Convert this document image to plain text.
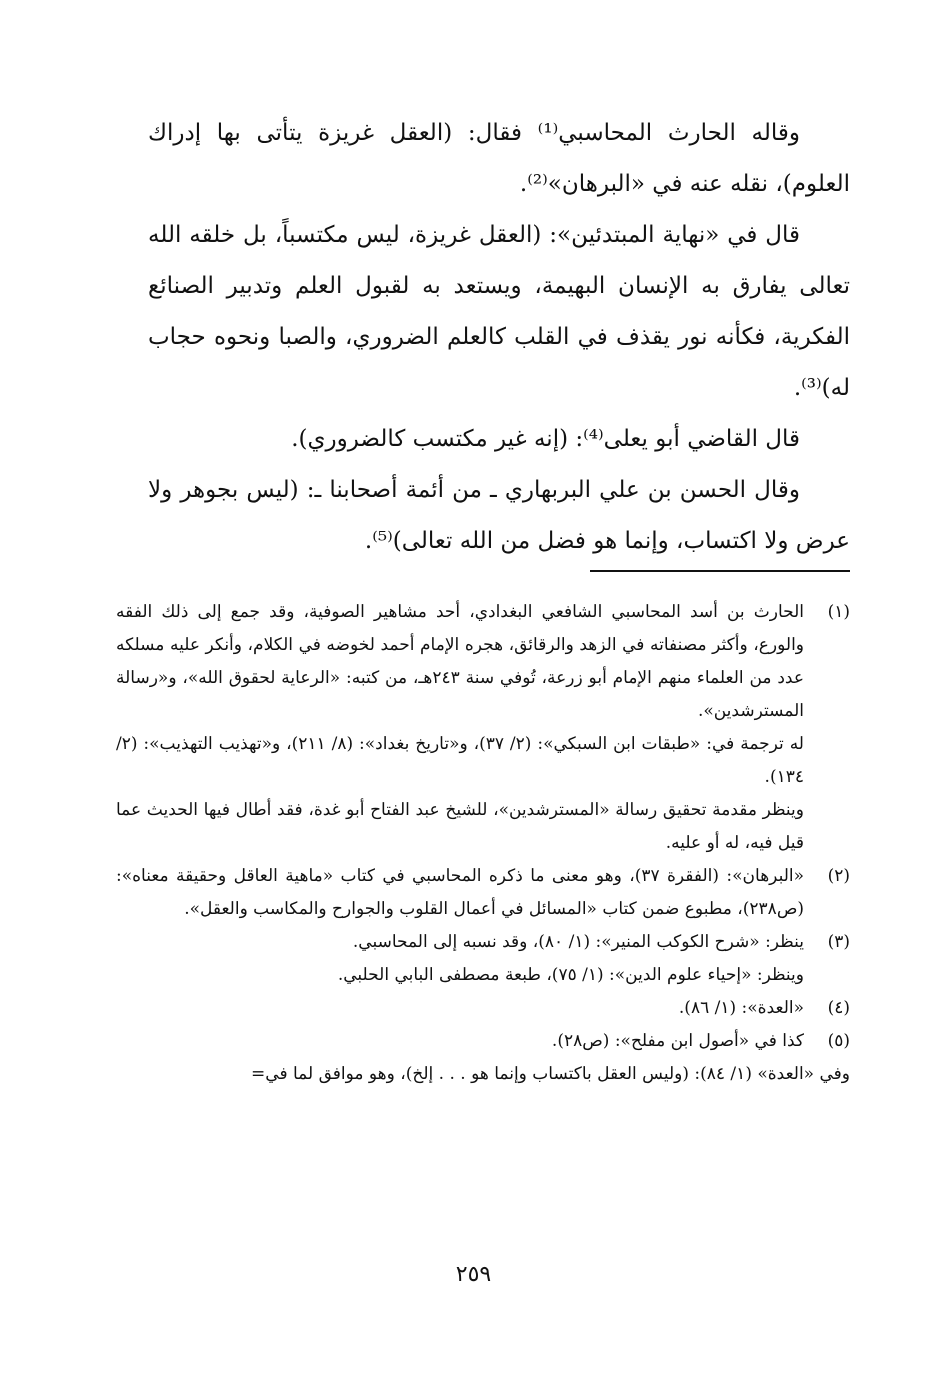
وقاله الحارث المحاسبي⁽¹⁾ فقال: (العقل غريزة يتأتى بها إدراك العلوم)، نقله عنه في «البرهان»⁽²⁾.

قال في «نهاية المبتدئين»: (العقل غريزة، ليس مكتسباً، بل خلقه الله تعالى يفارق به الإنسان البهيمة، ويستعد به لقبول العلم وتدبير الصنائع الفكرية، فكأنه نور يقذف في القلب كالعلم الضروري، والصبا ونحوه حجاب له)⁽³⁾.

قال القاضي أبو يعلى⁽⁴⁾: (إنه غير مكتسب كالضروري).

وقال الحسن بن علي البربهاري ـ من أئمة أصحابنا ـ: (ليس بجوهر ولا عرض ولا اكتساب، وإنما هو فضل من الله تعالى)⁽⁵⁾.

(١)

الحارث بن أسد المحاسبي الشافعي البغدادي، أحد مشاهير الصوفية، وقد جمع إلى ذلك الفقه والورع، وأكثر مصنفاته في الزهد والرقائق، هجره الإمام أحمد لخوضه في الكلام، وأنكر عليه مسلكه عدد من العلماء منهم الإمام أبو زرعة، تُوفي سنة ٢٤٣هـ، من كتبه: «الرعاية لحقوق الله»، و«رسالة المسترشدين».

له ترجمة في: «طبقات ابن السبكي»: (٢/ ٣٧)، و«تاريخ بغداد»: (٨/ ٢١١)، و«تهذيب التهذيب»: (٢/ ١٣٤).

وينظر مقدمة تحقيق رسالة «المسترشدين»، للشيخ عبد الفتاح أبو غدة، فقد أطال فيها الحديث عما قيل فيه، له أو عليه.

(٢)

«البرهان»: (الفقرة ٣٧)، وهو معنى ما ذكره المحاسبي في كتاب «ماهية العاقل وحقيقة معناه»: (ص٢٣٨)، مطبوع ضمن كتاب «المسائل في أعمال القلوب والجوارح والمكاسب والعقل».

(٣)

ينظر: «شرح الكوكب المنير»: (١/ ٨٠)، وقد نسبه إلى المحاسبي.

وينظر: «إحياء علوم الدين»: (١/ ٧٥)، طبعة مصطفى البابي الحلبي.

(٤)

«العدة»: (١/ ٨٦).

(٥)

كذا في «أصول ابن مفلح»: (ص٢٨).

وفي «العدة» (١/ ٨٤): (وليس العقل باكتساب وإنما هو . . . إلخ)، وهو موافق لما في=

٢٥٩
